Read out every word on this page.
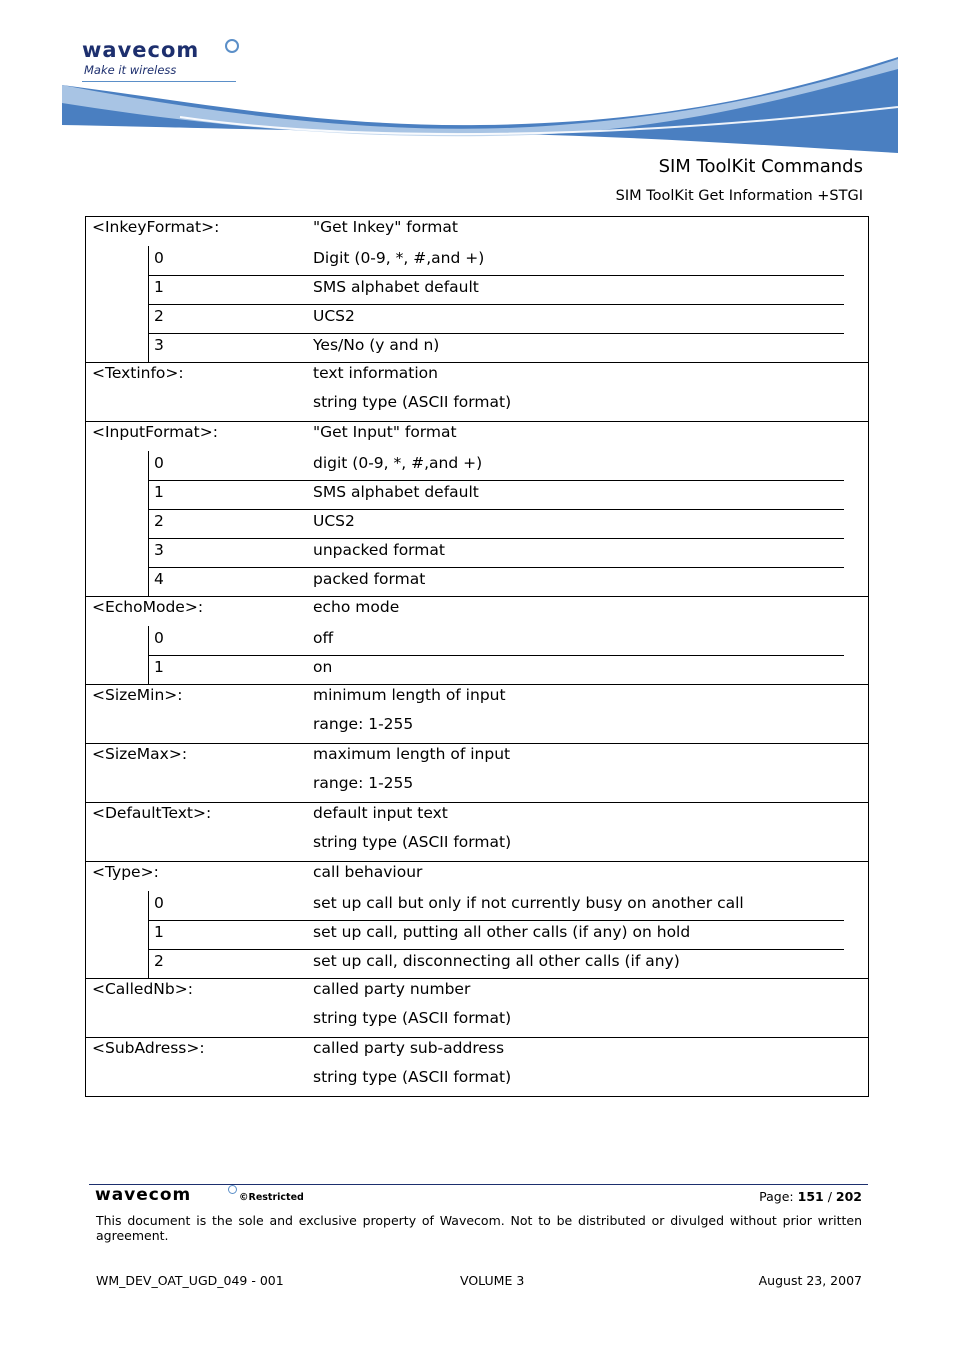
wavecom
Make it wireless
SIM ToolKit Commands
SIM ToolKit Get Information +STGI
<InkeyFormat>:	"Get Inkey" format
0	Digit (0-9, *, #,and +)
1	SMS alphabet default
2	UCS2
3	Yes/No (y and n)
<Textinfo>:	text information
string type (ASCII format)
<InputFormat>:	"Get Input" format
0	digit (0-9, *, #,and +)
1	SMS alphabet default
2	UCS2
3	unpacked format
4	packed format
<EchoMode>:	echo mode
0	off
1	on
<SizeMin>:	minimum length of input
range: 1-255
<SizeMax>:	maximum length of input
range: 1-255
<DefaultText>:	default input text
string type (ASCII format)
<Type>:	call behaviour
0	set up call but only if not currently busy on another call
1	set up call, putting all other calls (if any) on hold
2	set up call, disconnecting all other calls (if any)
<CalledNb>:	called party number
string type (ASCII format)
<SubAdress>:	called party sub-address
string type (ASCII format)
wavecom	©Restricted	Page: 151 / 202
This document is the sole and exclusive property of Wavecom. Not to be distributed or divulged without prior written agreement.
WM_DEV_OAT_UGD_049 - 001	VOLUME 3	August 23, 2007
